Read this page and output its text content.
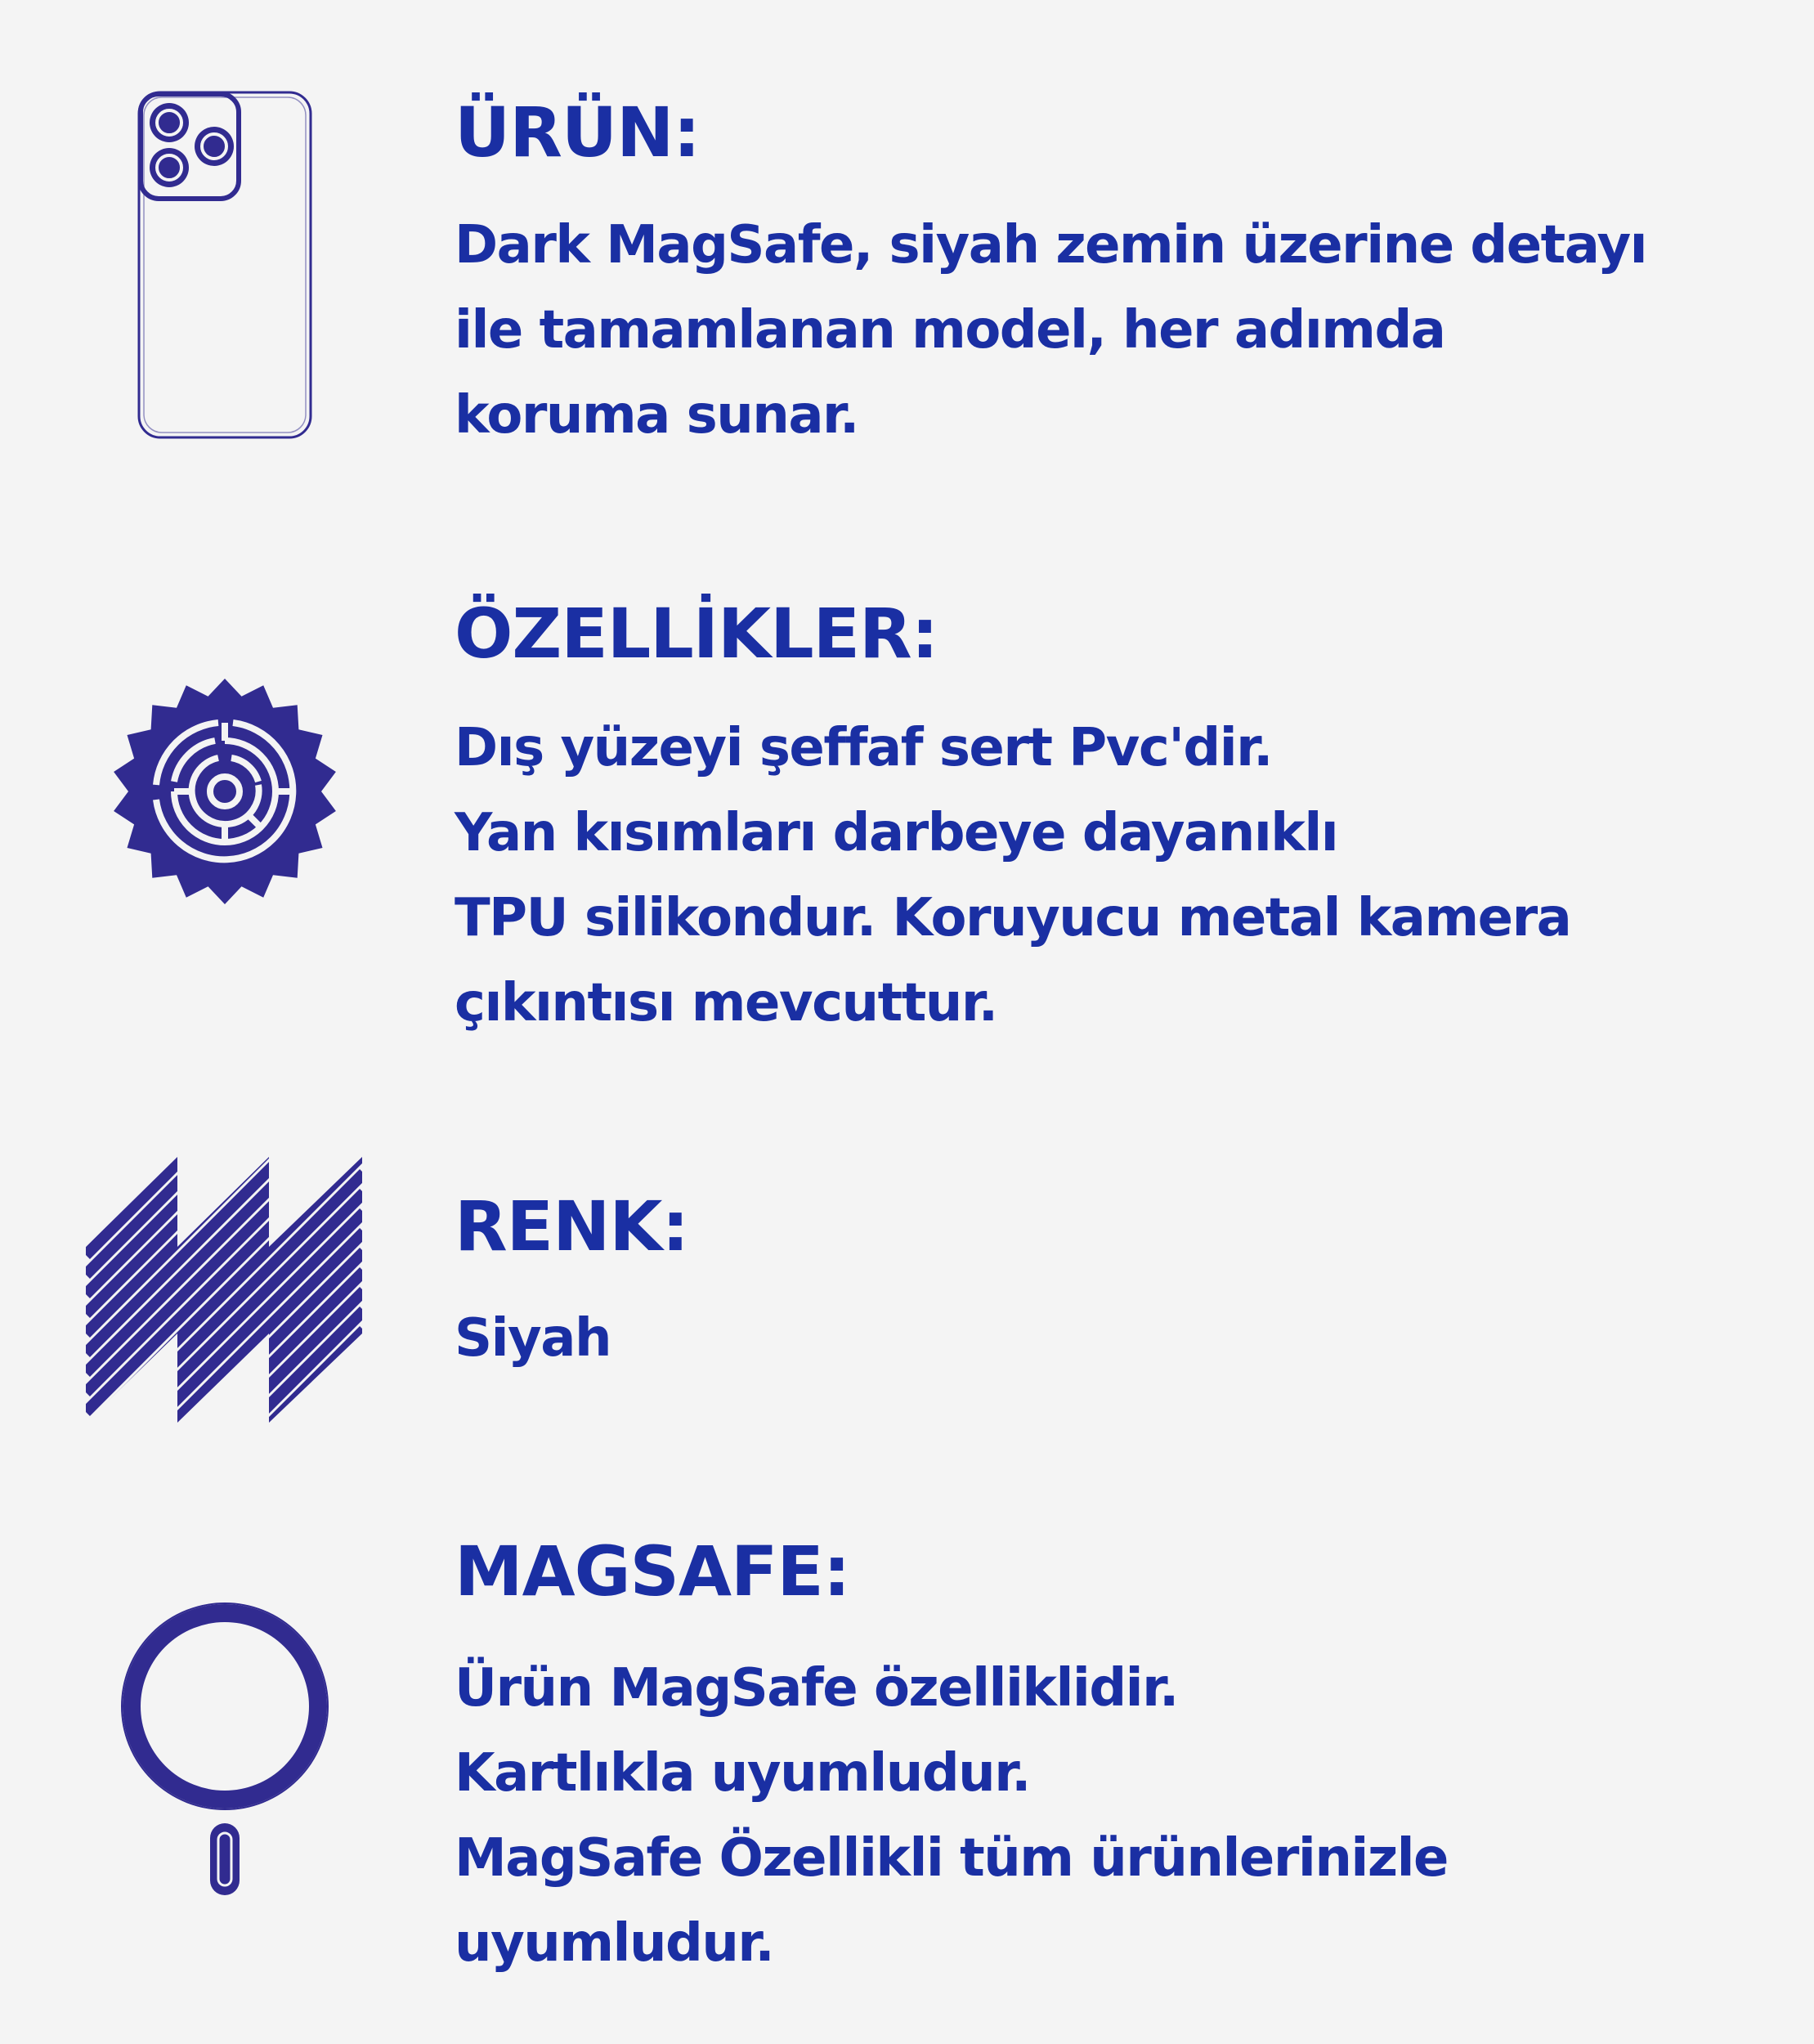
ÜRÜN:

Dark MagSafe, siyah zemin üzerine detayı
ile tamamlanan model, her adımda
koruma sunar.

ÖZELLİKLER:

Dış yüzeyi şeffaf sert Pvc'dir.
Yan kısımları darbeye dayanıklı
TPU silikondur. Koruyucu metal kamera
çıkıntısı mevcuttur.

RENK:

Siyah

MAGSAFE:

Ürün MagSafe özelliklidir.
Kartlıkla uyumludur.
MagSafe Özellikli tüm ürünlerinizle
uyumludur.
